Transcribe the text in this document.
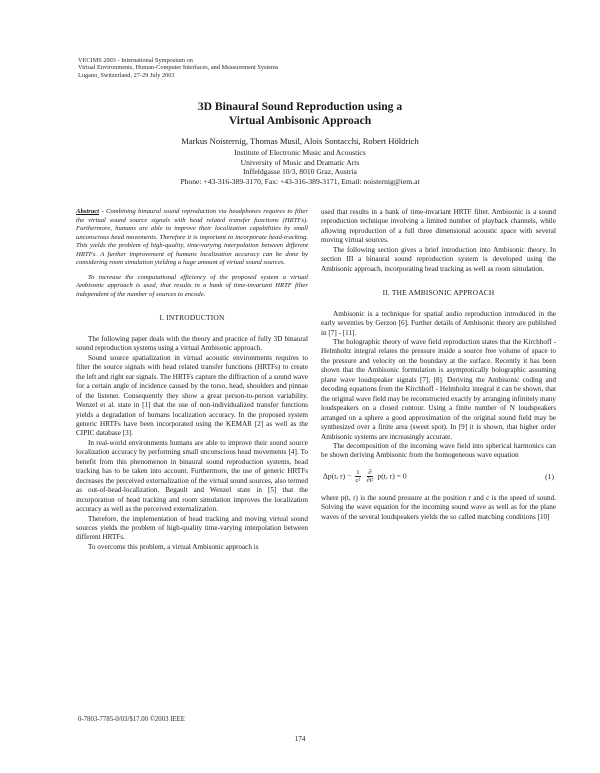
VECIMS 2003 - International Symposium on
Virtual Environments, Human-Computer Interfaces, and Measurement Systems
Lugano, Switzerland, 27-29 July 2003
3D Binaural Sound Reproduction using a
Virtual Ambisonic Approach
Markus Noisternig, Thomas Musil, Alois Sontacchi, Robert Höldrich
Institute of Electronic Music and Acoustics
University of Music and Dramatic Arts
Inffeldgasse 10/3, 8010 Graz, Austria
Phone: +43-316-389-3170, Fax: +43-316-389-3171, Email: noisternig@iem.at

Abstract - Combining binaural sound reproduction via headphones requires to filter the virtual sound source signals with head related transfer functions (HRTFs). Furthermore, humans are able to improve their localization capabilities by small unconscious head movements. Therefore it is important to incorporate head-tracking. This yields the problem of high-quality, time-varying interpolation between different HRTFs. A further improvement of humans localization accuracy can be done by considering room simulation yielding a huge amount of virtual sound sources.

To increase the computational efficiency of the proposed system a virtual Ambisonic approach is used, that results in a bank of time-invariant HRTF filter independent of the number of sources to encode.

I. INTRODUCTION

The following paper deals with the theory and practice of fully 3D binaural sound reproduction systems using a virtual Ambisonic approach.

Sound source spatialization in virtual acoustic environments requires to filter the source signals with head related transfer functions (HRTFs) to create the left and right ear signals. The HRTFs capture the diffraction of a sound wave for a certain angle of incidence caused by the torso, head, shoulders and pinnae of the listener. Consequently they show a great person-to-person variability. Wenzel et al. state in [1] that the use of non-individualized transfer functions yields a degradation of humans localization accuracy. In the proposed system generic HRTFs have been incorporated using the KEMAR [2] as well as the CIPIC database [3].

In real-world environments humans are able to improve their sound source localization accuracy by performing small unconscious head movements [4]. To benefit from this phenomenon in binaural sound reproduction systems, head tracking has to be taken into account. Furthermore, the use of generic HRTFs decreases the perceived externalization of the virtual sound sources, also termed as out-of-head-localization. Begault and Wenzel state in [5] that the incorporation of head tracking and room simulation improves the localization accuracy as well as the perceived externalization.

Therefore, the implementation of head tracking and moving virtual sound sources yields the problem of high-quality time-varying interpolation between different HRTFs.

To overcome this problem, a virtual Ambisonic approach is

used that results in a bank of time-invariant HRTF filter. Ambisonic is a sound reproduction technique involving a limited number of playback channels, while allowing reproduction of a full three dimensional acoustic space with several moving virtual sources.

The following section gives a brief introduction into Ambisonic theory. In section III a binaural sound reproduction system is developed using the Ambisonic approach, incorporating head tracking as well as room simulation.

II. THE AMBISONIC APPROACH

Ambisonic is a technique for spatial audio reproduction introduced in the early seventies by Gerzon [6]. Further details of Ambisonic theory are published in [7] - [11].

The holographic theory of wave field reproduction states that the Kirchhoff - Helmholtz integral relates the pressure inside a source free volume of space to the pressure and velocity on the boundary at the surface. Recently it has been shown that the Ambisonic formulation is asymptotically holographic assuming plane wave loudspeaker signals [7], [8]. Deriving the Ambisonic coding and decoding equations from the Kirchhoff - Helmholtz integral it can be shown, that the original wave field may be reconstructed exactly by arranging infinitely many loudspeakers on a closed contour. Using a finite number of N loudspeakers arranged on a sphere a good approximation of the original sound field may be synthesized over a finite area (sweet spot). In [9] it is shown, that higher order Ambisonic systems are increasingly accurate.

The decomposition of the incoming wave field into spherical harmonics can be shown deriving Ambisonic from the homogeneous wave equation

Δp(t, $r) - \frac{1}{\text{c²}}$
$\frac{\partial}{\text{∂t²}} p(t$, r) = 0	(1)

where p(t, r) is the sound pressure at the position r and c is the speed of sound. Solving the wave equation for the incoming sound wave as well as for the plane waves of the several loudspeakers yields the so called matching conditions [10]

0-7803-7785-0/03/$17.00 ©2003 IEEE
174
